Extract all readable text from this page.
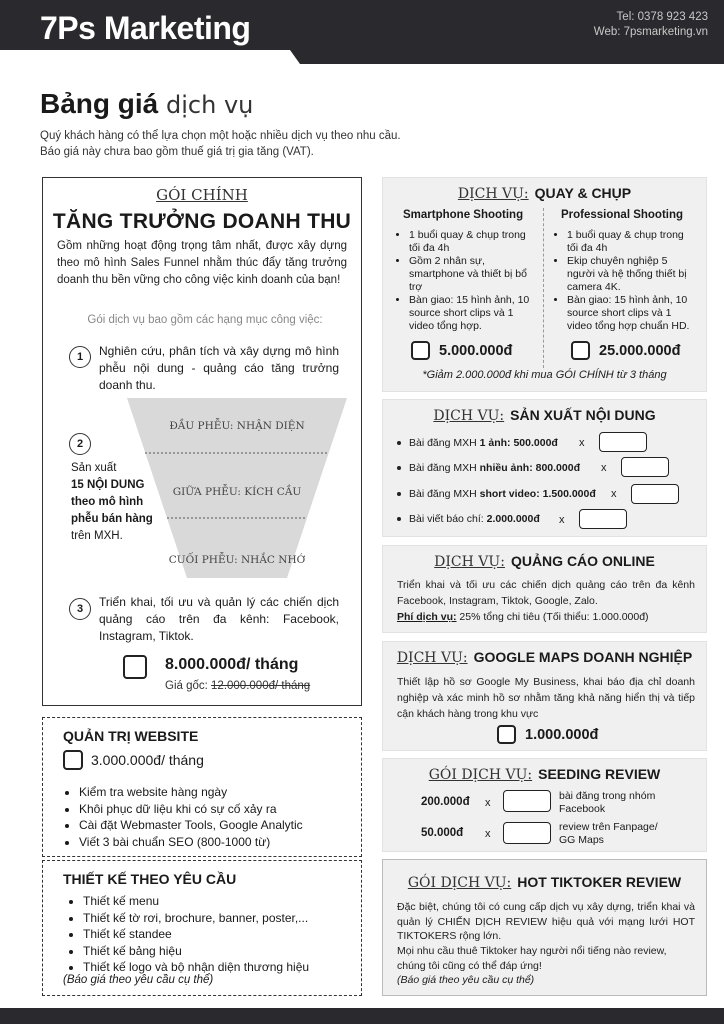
7Ps Marketing	Tel: 0378 923 423
Web: 7psmarketing.vn
Bảng giá dịch vụ
Quý khách hàng có thể lựa chọn một hoặc nhiều dịch vụ theo nhu cầu.
Báo giá này chưa bao gồm thuế giá trị gia tăng (VAT).
GÓI CHÍNH
TĂNG TRƯỞNG DOANH THU
Gồm những hoạt động trọng tâm nhất, được xây dựng theo mô hình Sales Funnel nhằm thúc đẩy tăng trưởng doanh thu bền vững cho công việc kinh doanh của bạn!
Gói dịch vụ bao gồm các hạng mục công việc:
1	Nghiên cứu, phân tích và xây dựng mô hình phễu nội dung - quảng cáo tăng trưởng doanh thu.
ĐẦU PHỄU: NHẬN DIỆN
GIỮA PHỄU: KÍCH CẦU
CUỐI PHỄU: NHẮC NHỚ
2
Sản xuất
15 NỘI DUNG theo mô hình phễu bán hàng
trên MXH.
3	Triển khai, tối ưu và quản lý các chiến dịch quảng cáo trên đa kênh: Facebook, Instagram, Tiktok.
8.000.000đ/ tháng
Giá gốc: 12.000.000đ/ tháng
QUẢN TRỊ WEBSITE
3.000.000đ/ tháng
• Kiểm tra website hàng ngày
• Khôi phục dữ liệu khi có sự cố xảy ra
• Cài đặt Webmaster Tools, Google Analytic
• Viết 3 bài chuẩn SEO (800-1000 từ)
THIẾT KẾ THEO YÊU CẦU
• Thiết kế menu
• Thiết kế tờ rơi, brochure, banner, poster,...
• Thiết kế standee
• Thiết kế bảng hiệu
• Thiết kế logo và bộ nhận diện thương hiệu
(Báo giá theo yêu cầu cụ thể)
DỊCH VỤ: QUAY & CHỤP
Smartphone Shooting
• 1 buổi quay & chụp trong tối đa 4h
• Gồm 2 nhân sự, smartphone và thiết bị bổ trợ
• Bàn giao: 15 hình ảnh, 10 source short clips và 1 video tổng hợp.
Professional Shooting
• 1 buổi quay & chụp trong tối đa 4h
• Ekip chuyên nghiệp 5 người và hệ thống thiết bị camera 4K.
• Bàn giao: 15 hình ảnh, 10 source short clips và 1 video tổng hợp chuẩn HD.
5.000.000đ	25.000.000đ
*Giảm 2.000.000đ khi mua GÓI CHÍNH từ 3 tháng
DỊCH VỤ: SẢN XUẤT NỘI DUNG
Bài đăng MXH 1 ảnh: 500.000đ x
Bài đăng MXH nhiều ảnh: 800.000đ x
Bài đăng MXH short video: 1.500.000đ x
Bài viết báo chí: 2.000.000đ x
DỊCH VỤ: QUẢNG CÁO ONLINE
Triển khai và tối ưu các chiến dịch quảng cáo trên đa kênh Facebook, Instagram, Tiktok, Google, Zalo.
Phí dịch vụ: 25% tổng chi tiêu (Tối thiểu: 1.000.000đ)
DỊCH VỤ: GOOGLE MAPS DOANH NGHIỆP
Thiết lập hồ sơ Google My Business, khai báo địa chỉ doanh nghiệp và xác minh hồ sơ nhằm tăng khả năng hiển thị và tiếp cận khách hàng trong khu vực
1.000.000đ
GÓI DỊCH VỤ: SEEDING REVIEW
200.000đ x
bài đăng trong nhóm Facebook
50.000đ x
review trên Fanpage/ GG Maps
GÓI DỊCH VỤ: HOT TIKTOKER REVIEW
Đặc biệt, chúng tôi có cung cấp dịch vụ xây dựng, triển khai và quản lý CHIẾN DỊCH REVIEW hiệu quả với mạng lưới HOT TIKTOKERS rộng lớn.
Mọi nhu cầu thuê Tiktoker hay người nổi tiếng nào review, chúng tôi cũng có thể đáp ứng!
(Báo giá theo yêu cầu cụ thể)
